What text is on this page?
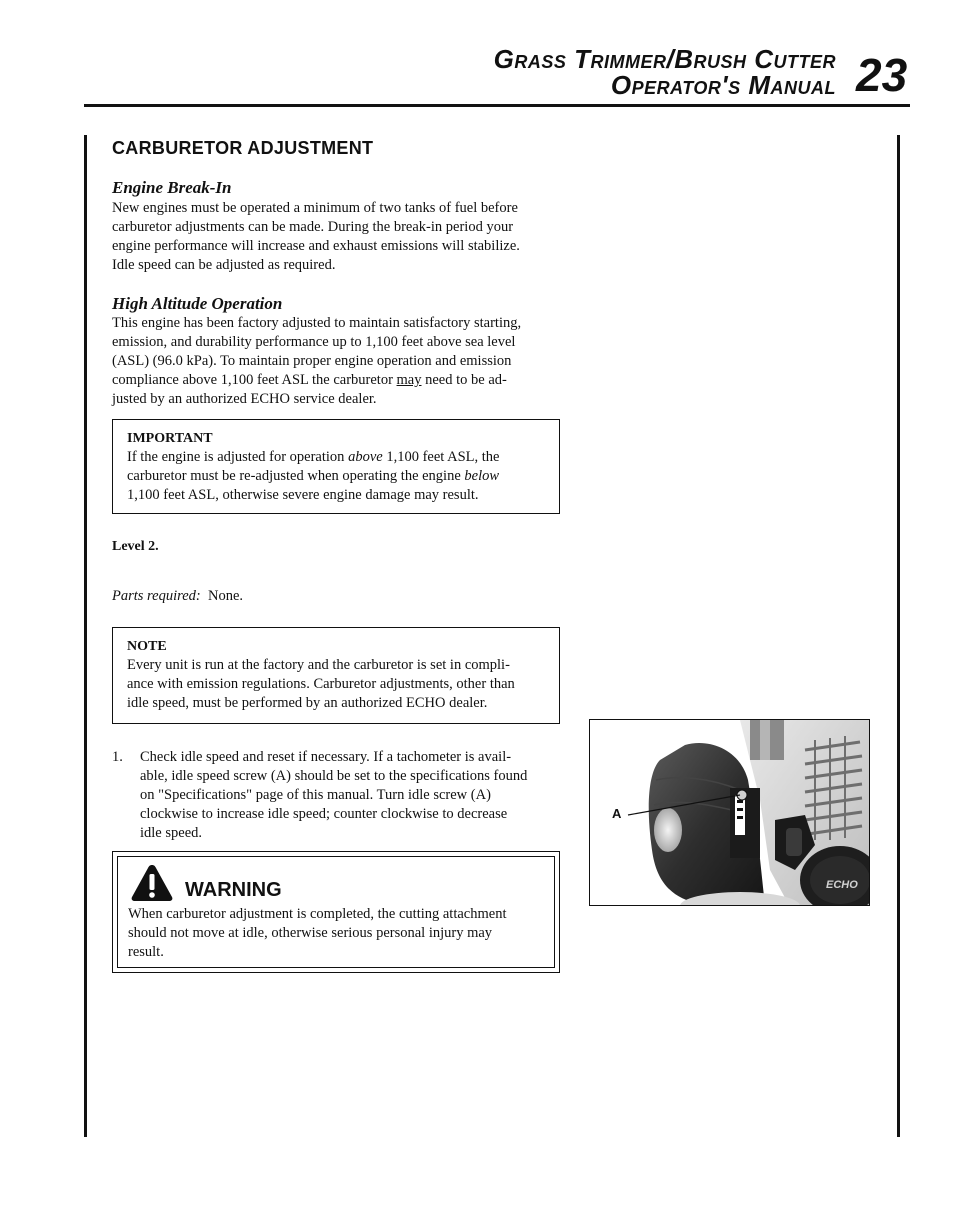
Grass Trimmer/Brush Cutter
Operator's Manual 23
CARBURETOR ADJUSTMENT
Engine Break-In
New engines must be operated a minimum of two tanks of fuel before
carburetor adjustments can be made. During the break-in period your
engine performance will increase and exhaust emissions will stabilize.
Idle speed can be adjusted as required.
High Altitude Operation
This engine has been factory adjusted to maintain satisfactory starting,
emission, and durability performance up to 1,100 feet above sea level
(ASL) (96.0 kPa). To maintain proper engine operation and emission
compliance above 1,100 feet ASL the carburetor may need to be ad-
justed by an authorized ECHO service dealer.
IMPORTANT
If the engine is adjusted for operation above 1,100 feet ASL, the
carburetor must be re-adjusted when operating the engine below
1,100 feet ASL, otherwise severe engine damage may result.
Level 2.
Parts required: None.
NOTE
Every unit is run at the factory and the carburetor is set in compli-
ance with emission regulations. Carburetor adjustments, other than
idle speed, must be performed by an authorized ECHO dealer.
1. Check idle speed and reset if necessary. If a tachometer is avail-
able, idle speed screw (A) should be set to the specifications found
on "Specifications" page of this manual. Turn idle screw (A)
clockwise to increase idle speed; counter clockwise to decrease
idle speed.
WARNING
When carburetor adjustment is completed, the cutting attachment
should not move at idle, otherwise serious personal injury may
result.
ECHO
A
